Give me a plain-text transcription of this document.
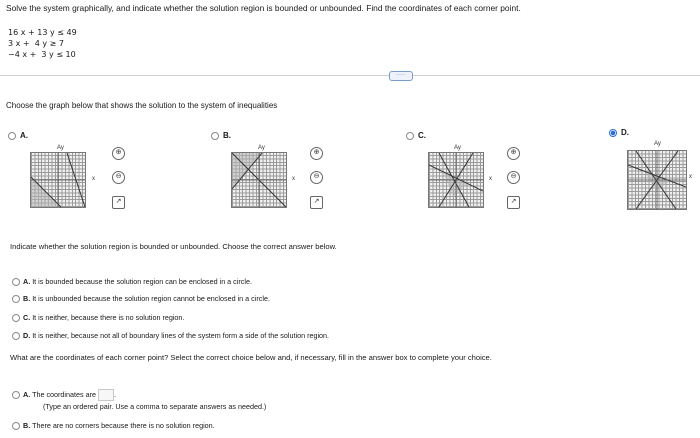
Solve the system graphically, and indicate whether the solution region is bounded or unbounded. Find the coordinates of each corner point.
16 x + 13 y ≤ 49
3 x +  4 y ≥ 7
−4 x +  3 y ≤ 10
·····
Choose the graph below that shows the solution to the system of inequalities
A.
Ay
x
⊕
⊖
↗
B.
Ay
x
⊕
⊖
↗
C.
Ay
x
⊕
⊖
↗
D.
Ay
x
Indicate whether the solution region is bounded or unbounded. Choose the correct answer below.
A. It is bounded because the solution region can be enclosed in a circle.
B. It is unbounded because the solution region cannot be enclosed in a circle.
C. It is neither, because there is no solution region.
D. It is neither, because not all of boundary lines of the system form a side of the solution region.
What are the coordinates of each corner point? Select the correct choice below and, if necessary, fill in the answer box to complete your choice.
A. The coordinates are	.
(Type an ordered pair. Use a comma to separate answers as needed.)
B. There are no corners because there is no solution region.
